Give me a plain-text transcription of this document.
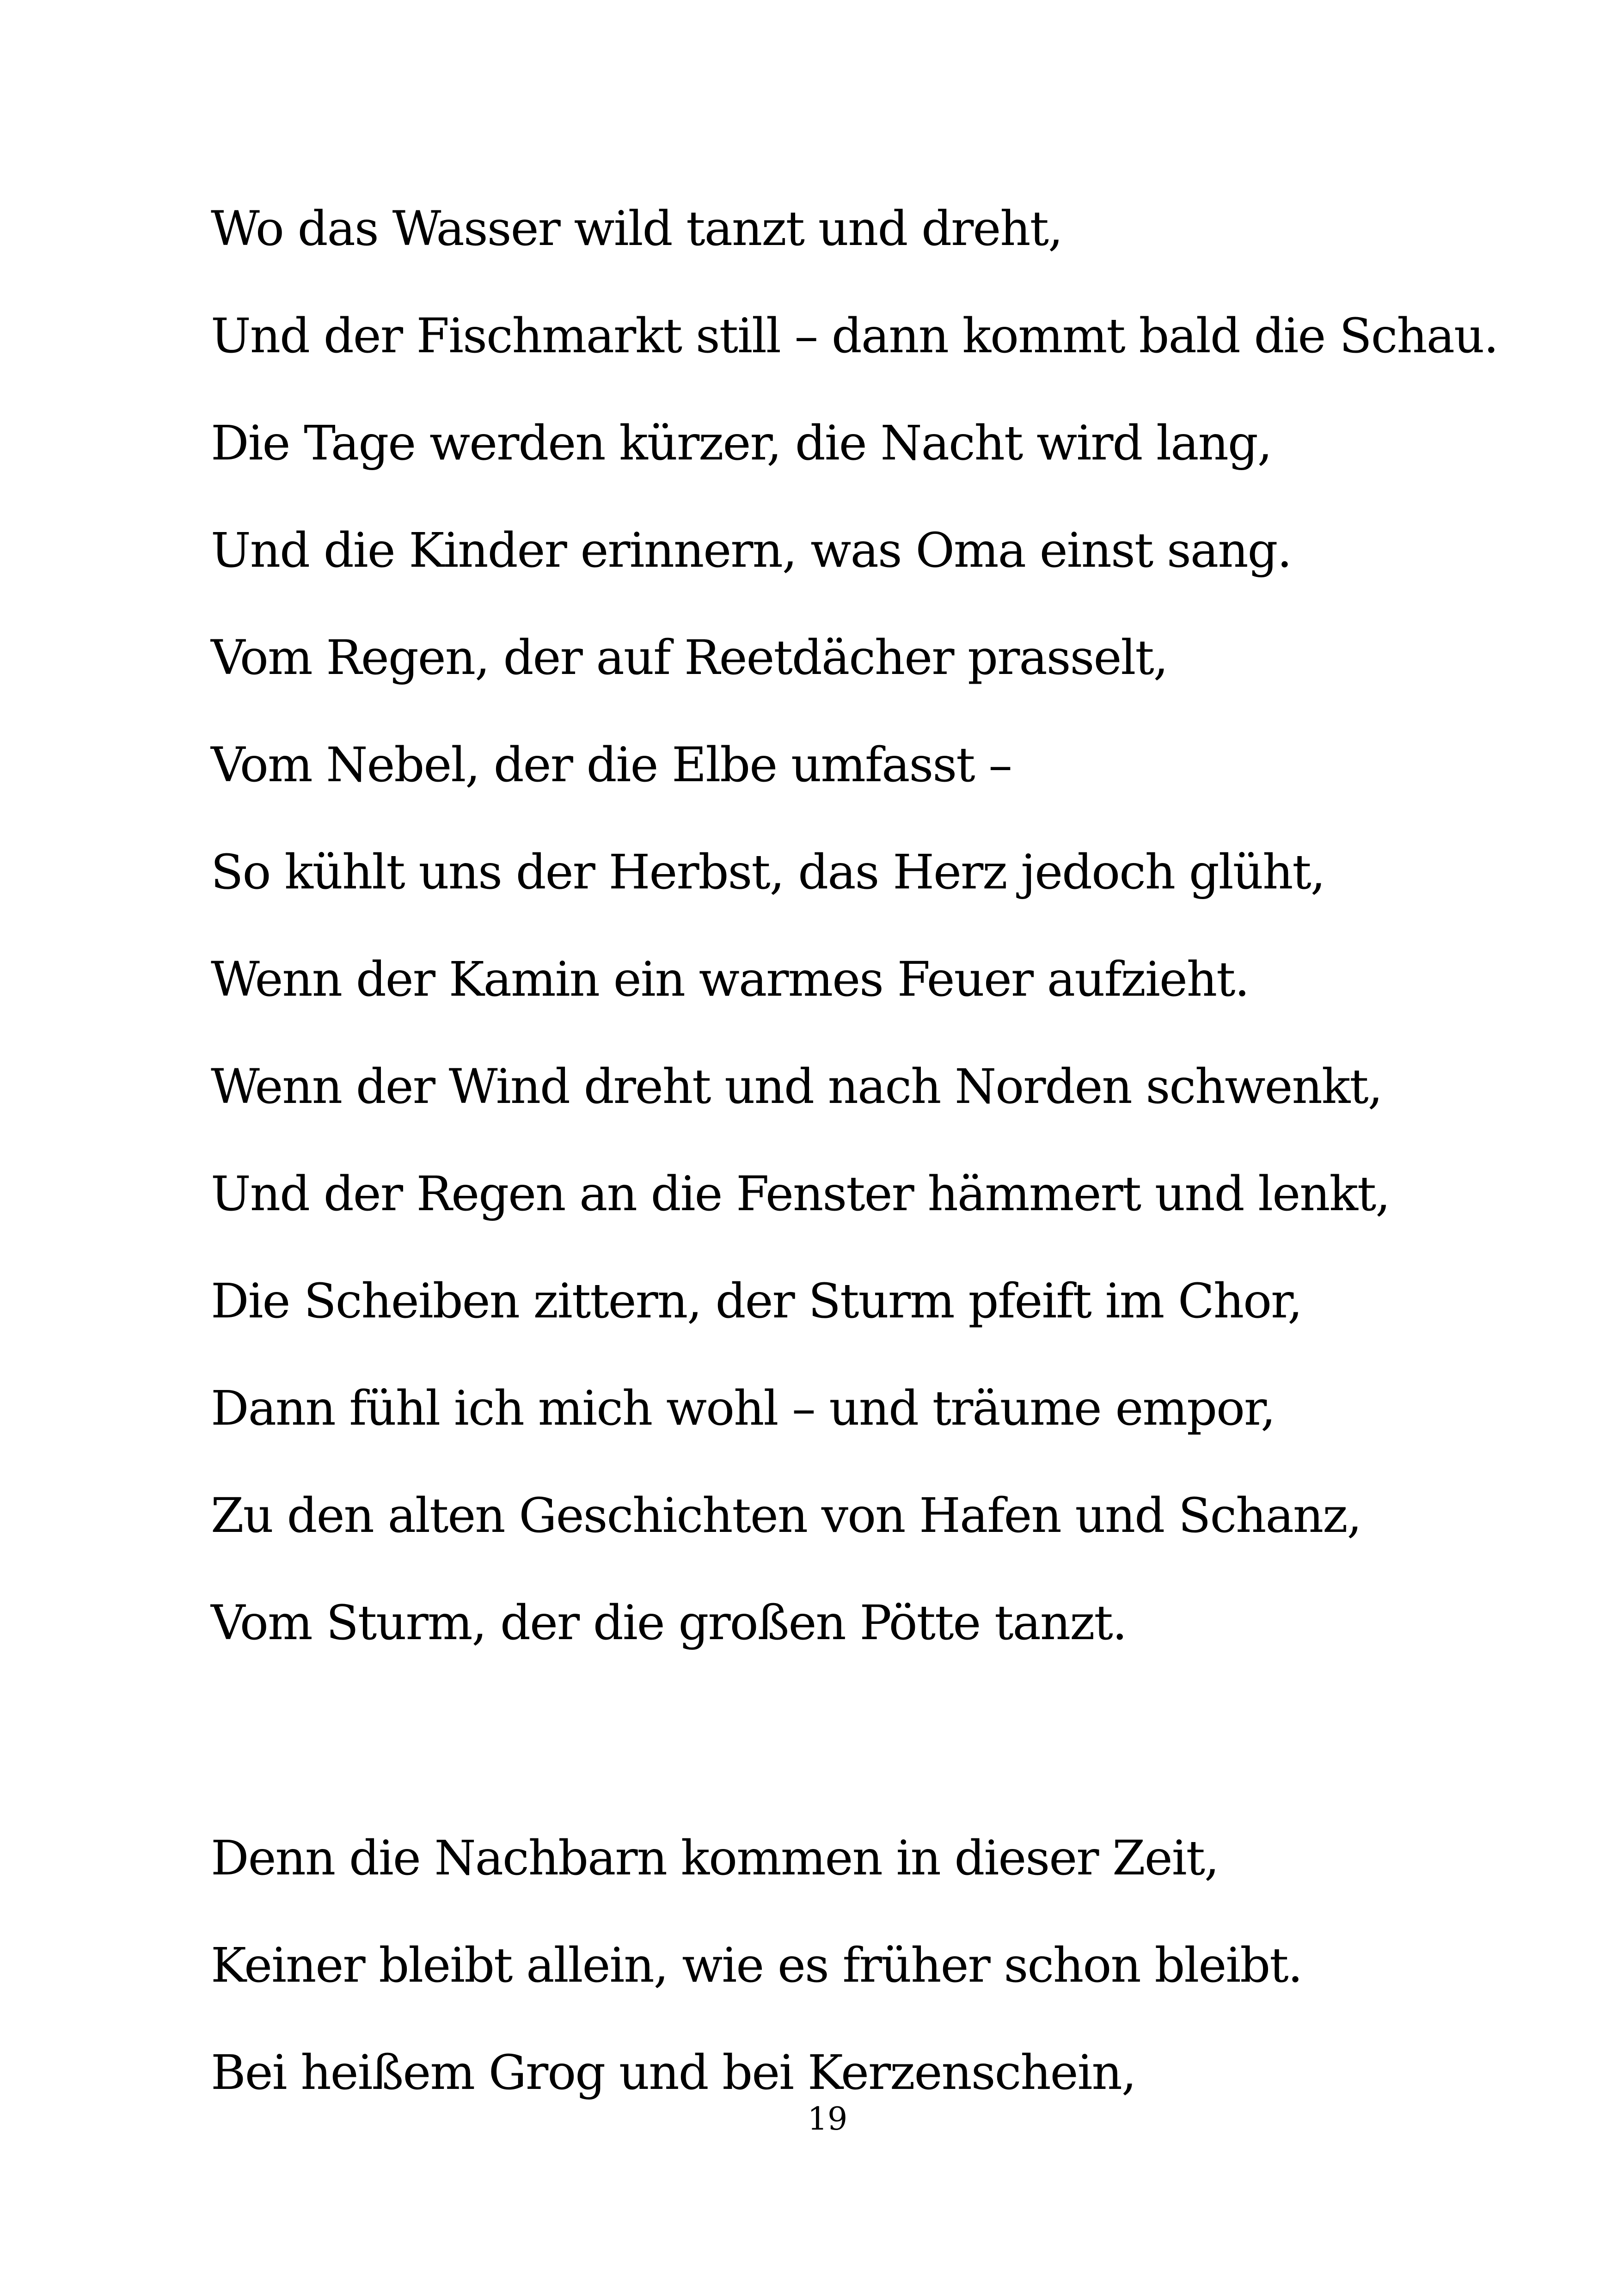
Wo das Wasser wild tanzt und dreht,

Und der Fischmarkt still – dann kommt bald die Schau.

Die Tage werden kürzer, die Nacht wird lang,

Und die Kinder erinnern, was Oma einst sang.

Vom Regen, der auf Reetdächer prasselt,

Vom Nebel, der die Elbe umfasst –

So kühlt uns der Herbst, das Herz jedoch glüht,

Wenn der Kamin ein warmes Feuer aufzieht.

Wenn der Wind dreht und nach Norden schwenkt,

Und der Regen an die Fenster hämmert und lenkt,

Die Scheiben zittern, der Sturm pfeift im Chor,

Dann fühl ich mich wohl – und träume empor,

Zu den alten Geschichten von Hafen und Schanz,

Vom Sturm, der die großen Pötte tanzt.

Denn die Nachbarn kommen in dieser Zeit,

Keiner bleibt allein, wie es früher schon bleibt.

Bei heißem Grog und bei Kerzenschein,

19
